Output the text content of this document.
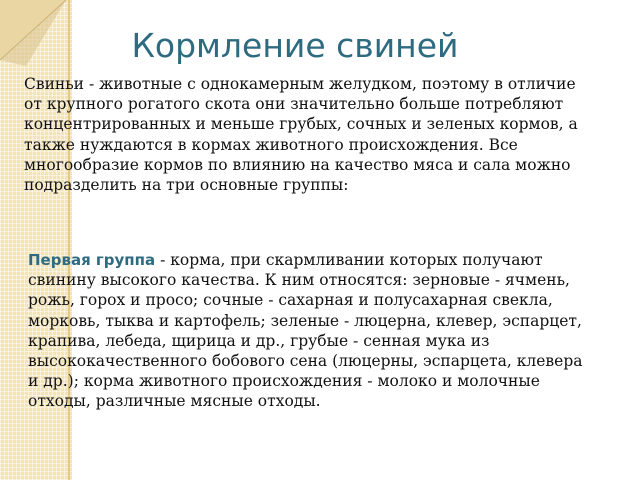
Кормление свиней

Свиньи - животные с однокамерным желудком, поэтому в отличие от крупного рогатого скота они значительно больше потребляют концентрированных и меньше грубых, сочных и зеленых кормов, а также нуждаются в кормах животного происхождения. Все многообразие кормов по влиянию на качество мяса и сала можно подразделить на три основные группы:

Первая группа - корма, при скармливании которых получают свинину высокого качества. К ним относятся: зерновые - ячмень, рожь, горох и просо; сочные - сахарная и полусахарная свекла, морковь, тыква и картофель; зеленые - люцерна, клевер, эспарцет, крапива, лебеда, щирица и др., грубые - сенная мука из высококачественного бобового сена (люцерны, эспарцета, клевера и др.); корма животного происхождения - молоко и молочные отходы, различные мясные отходы.
